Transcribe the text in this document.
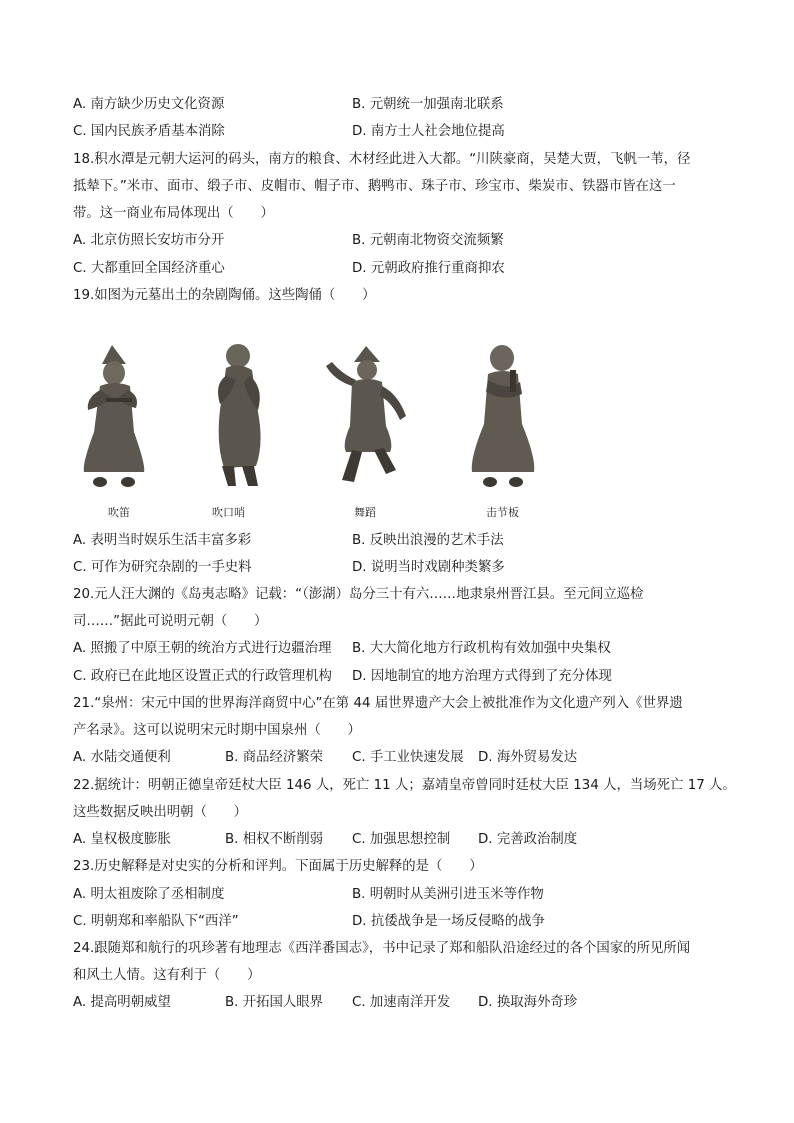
A. 南方缺少历史文化资源	B. 元朝统一加强南北联系
C. 国内民族矛盾基本消除	D. 南方士人社会地位提高
18.积水潭是元朝大运河的码头，南方的粮食、木材经此进入大都。“川陕豪商，吴楚大贾，飞帆一苇，径
抵辇下。”米市、面市、缎子市、皮帽市、帽子市、鹅鸭市、珠子市、珍宝市、柴炭市、铁器市皆在这一
带。这一商业布局体现出（　　）
A. 北京仿照长安坊市分开	B. 元朝南北物资交流频繁
C. 大都重回全国经济重心	D. 元朝政府推行重商抑农
19.如图为元墓出土的杂剧陶俑。这些陶俑（　　）
吹笛	吹口哨	舞蹈	击节板
A. 表明当时娱乐生活丰富多彩	B. 反映出浪漫的艺术手法
C. 可作为研究杂剧的一手史料	D. 说明当时戏剧种类繁多
20.元人汪大渊的《岛夷志略》记载：“（澎湖）岛分三十有六……地隶泉州晋江县。至元间立巡检
司……”据此可说明元朝（　　）
A. 照搬了中原王朝的统治方式进行边疆治理 B. 大大简化地方行政机构有效加强中央集权
C. 政府已在此地区设置正式的行政管理机构 D. 因地制宜的地方治理方式得到了充分体现
21.“泉州：宋元中国的世界海洋商贸中心”在第 44 届世界遗产大会上被批准作为文化遗产列入《世界遗
产名录》。这可以说明宋元时期中国泉州（　　）
A. 水陆交通便利	B. 商品经济繁荣 C. 手工业快速发展 D. 海外贸易发达
22.据统计：明朝正德皇帝廷杖大臣 146 人，死亡 11 人；嘉靖皇帝曾同时廷杖大臣 134 人，当场死亡 17 人。
这些数据反映出明朝（　　）
A. 皇权极度膨胀	B. 相权不断削弱 C. 加强思想控制 D. 完善政治制度
23.历史解释是对史实的分析和评判。下面属于历史解释的是（　　）
A. 明太祖废除了丞相制度	B. 明朝时从美洲引进玉米等作物
C. 明朝郑和率船队下“西洋”	D. 抗倭战争是一场反侵略的战争
24.跟随郑和航行的巩珍著有地理志《西洋番国志》，书中记录了郑和船队沿途经过的各个国家的所见所闻
和风土人情。这有利于（　　）
A. 提高明朝威望	B. 开拓国人眼界 C. 加速南洋开发 D. 换取海外奇珍
